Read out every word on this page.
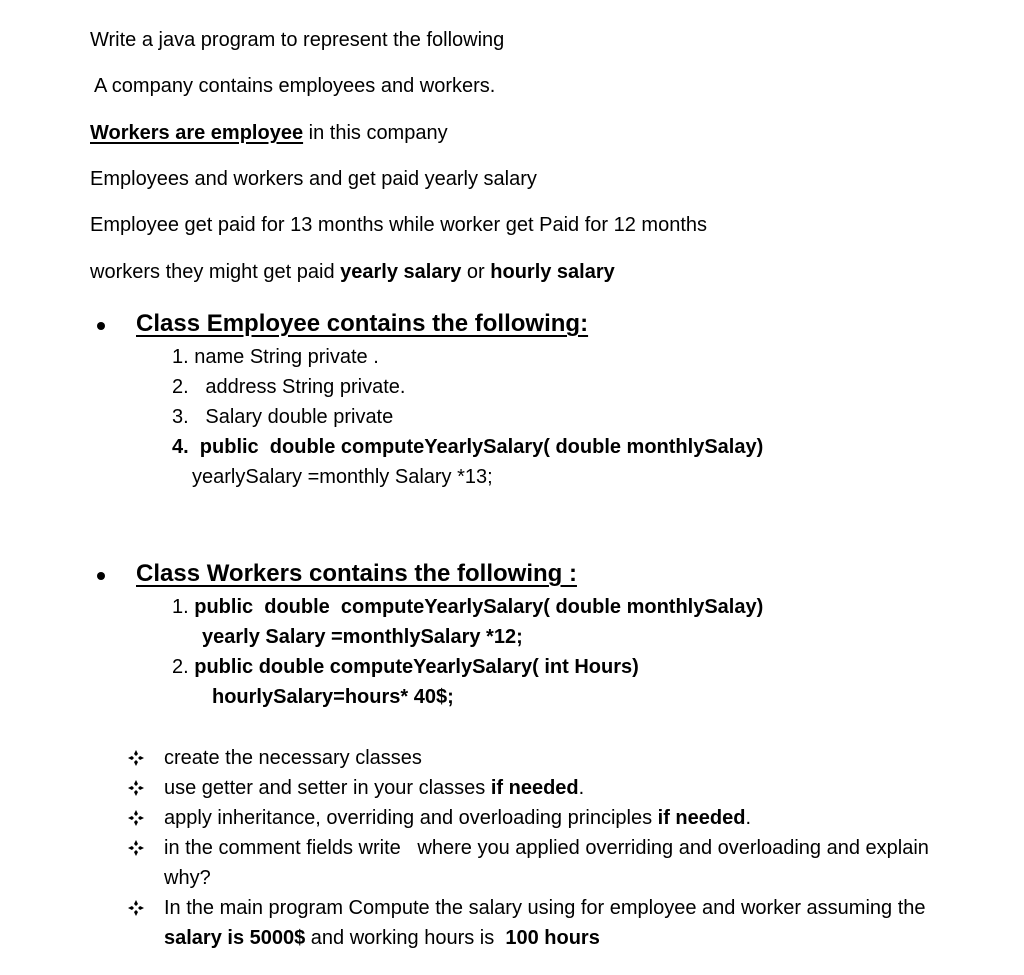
Write a java program to represent the following
A company contains employees and workers.
Workers are employee in this company
Employees and workers and get paid yearly salary
Employee get paid for 13 months while worker get Paid for 12 months
workers they might get paid yearly salary or hourly salary
Class Employee contains the following:
1. name String private .
2.   address String private.
3.   Salary double private
4.  public  double computeYearlySalary( double monthlySalay)
yearlySalary =monthly Salary *13;
Class Workers contains the following :
1. public  double  computeYearlySalary( double monthlySalay)
yearly Salary =monthlySalary *12;
2. public double computeYearlySalary( int Hours)
hourlySalary=hours* 40$;
create the necessary classes
use getter and setter in your classes if needed.
apply inheritance, overriding and overloading principles if needed.
in the comment fields write   where you applied overriding and overloading and explain
why?
In the main program Compute the salary using for employee and worker assuming the
salary is 5000$ and working hours is  100 hours
